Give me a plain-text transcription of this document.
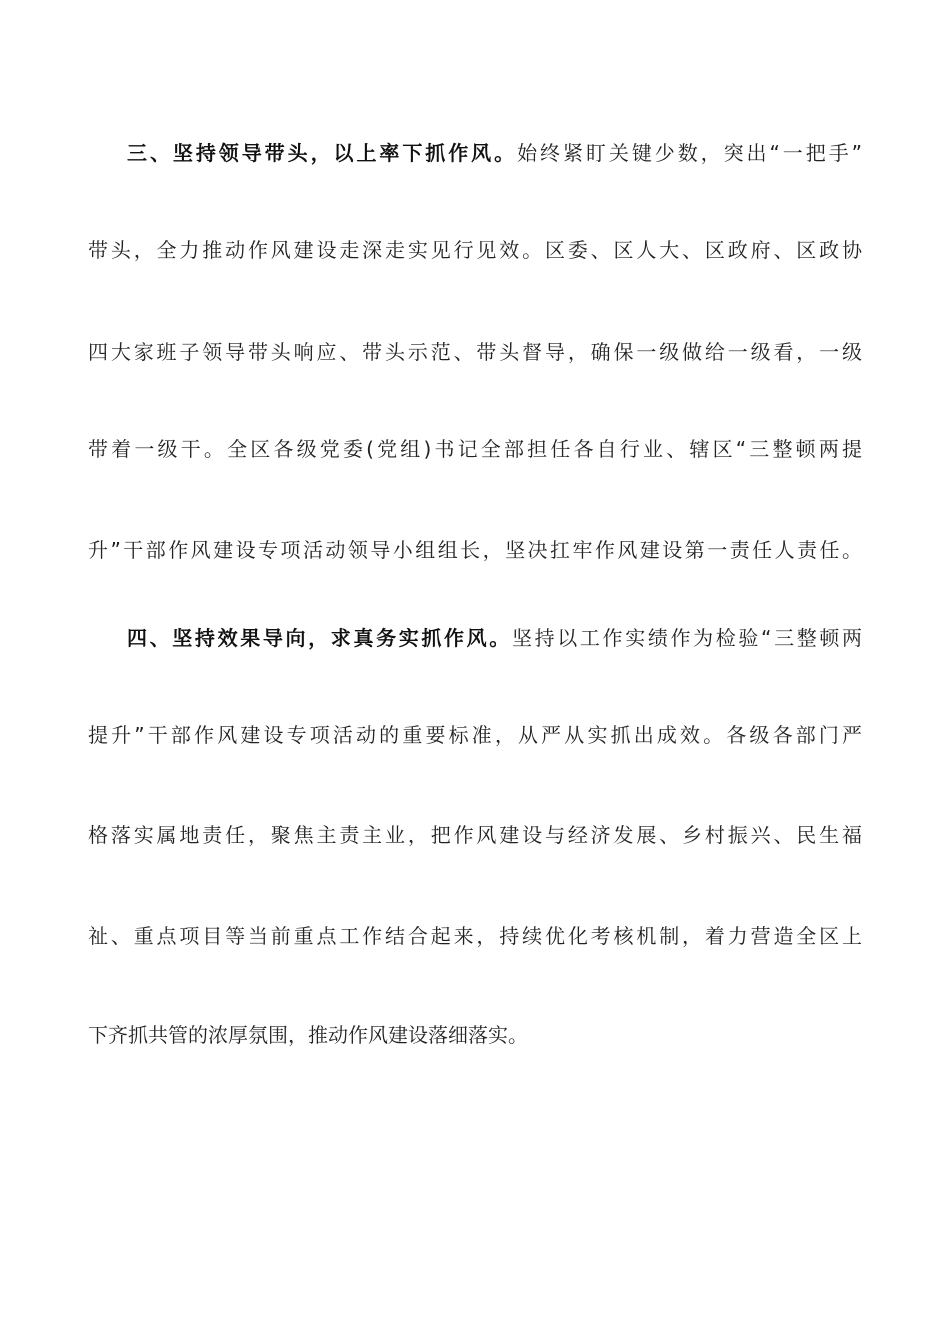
三、坚持领导带头，以上率下抓作风。始终紧盯关键少数，突出“一把手”

带头，全力推动作风建设走深走实见行见效。区委、区人大、区政府、区政协

四大家班子领导带头响应、带头示范、带头督导，确保一级做给一级看，一级

带着一级干。全区各级党委(党组)书记全部担任各自行业、辖区“三整顿两提

升”干部作风建设专项活动领导小组组长，坚决扛牢作风建设第一责任人责任。

四、坚持效果导向，求真务实抓作风。坚持以工作实绩作为检验“三整顿两

提升”干部作风建设专项活动的重要标准，从严从实抓出成效。各级各部门严

格落实属地责任，聚焦主责主业，把作风建设与经济发展、乡村振兴、民生福

祉、重点项目等当前重点工作结合起来，持续优化考核机制，着力营造全区上

下齐抓共管的浓厚氛围，推动作风建设落细落实。
